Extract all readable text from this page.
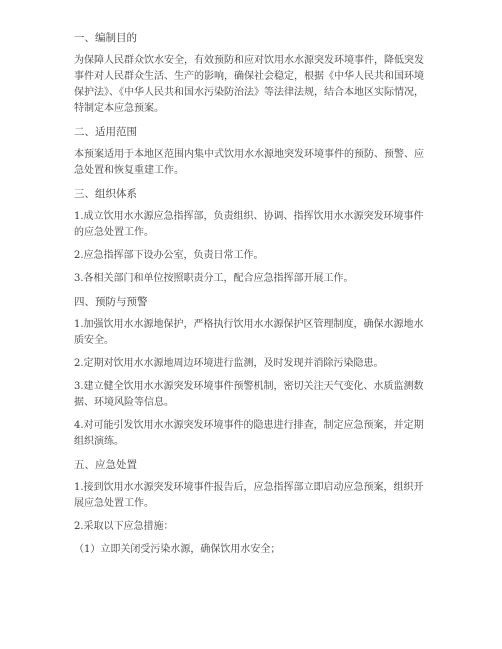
一、编制目的
为保障人民群众饮水安全，有效预防和应对饮用水水源突发环境事件，降低突发事件对人民群众生活、生产的影响，确保社会稳定，根据《中华人民共和国环境保护法》、《中华人民共和国水污染防治法》等法律法规，结合本地区实际情况，特制定本应急预案。
二、适用范围
本预案适用于本地区范围内集中式饮用水水源地突发环境事件的预防、预警、应急处置和恢复重建工作。
三、组织体系
1.成立饮用水水源应急指挥部，负责组织、协调、指挥饮用水水源突发环境事件的应急处置工作。
2.应急指挥部下设办公室，负责日常工作。
3.各相关部门和单位按照职责分工，配合应急指挥部开展工作。
四、预防与预警
1.加强饮用水水源地保护，严格执行饮用水水源保护区管理制度，确保水源地水质安全。
2.定期对饮用水水源地周边环境进行监测，及时发现并消除污染隐患。
3.建立健全饮用水水源突发环境事件预警机制，密切关注天气变化、水质监测数据、环境风险等信息。
4.对可能引发饮用水水源突发环境事件的隐患进行排查，制定应急预案，并定期组织演练。
五、应急处置
1.接到饮用水水源突发环境事件报告后，应急指挥部立即启动应急预案，组织开展应急处置工作。
2.采取以下应急措施：
（1）立即关闭受污染水源，确保饮用水安全；
